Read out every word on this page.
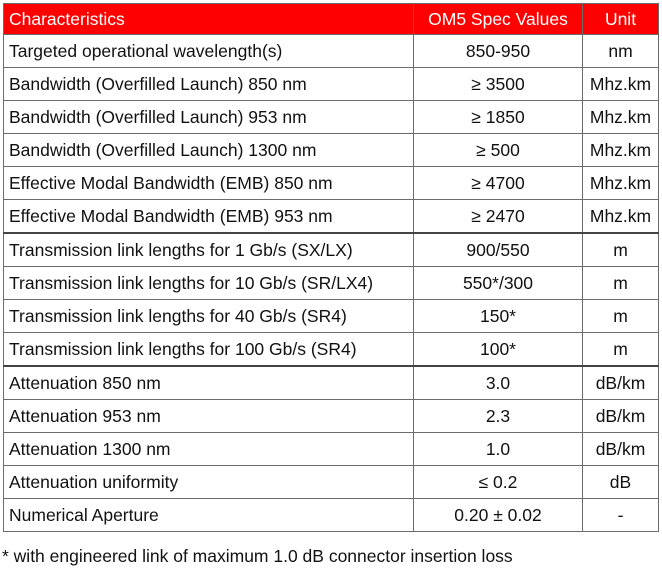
Characteristics	OM5 Spec Values	Unit
Targeted operational wavelength(s)	850-950	nm
Bandwidth (Overfilled Launch) 850 nm	≥ 3500	Mhz.km
Bandwidth (Overfilled Launch) 953 nm	≥ 1850	Mhz.km
Bandwidth (Overfilled Launch) 1300 nm	≥ 500	Mhz.km
Effective Modal Bandwidth (EMB) 850 nm	≥ 4700	Mhz.km
Effective Modal Bandwidth (EMB) 953 nm	≥ 2470	Mhz.km
Transmission link lengths for 1 Gb/s (SX/LX)	900/550	m
Transmission link lengths for 10 Gb/s (SR/LX4)	550*/300	m
Transmission link lengths for 40 Gb/s (SR4)	150*	m
Transmission link lengths for 100 Gb/s (SR4)	100*	m
Attenuation 850 nm	3.0	dB/km
Attenuation 953 nm	2.3	dB/km
Attenuation 1300 nm	1.0	dB/km
Attenuation uniformity	≤ 0.2	dB
Numerical Aperture	0.20 ± 0.02	-
* with engineered link of maximum 1.0 dB connector insertion loss
